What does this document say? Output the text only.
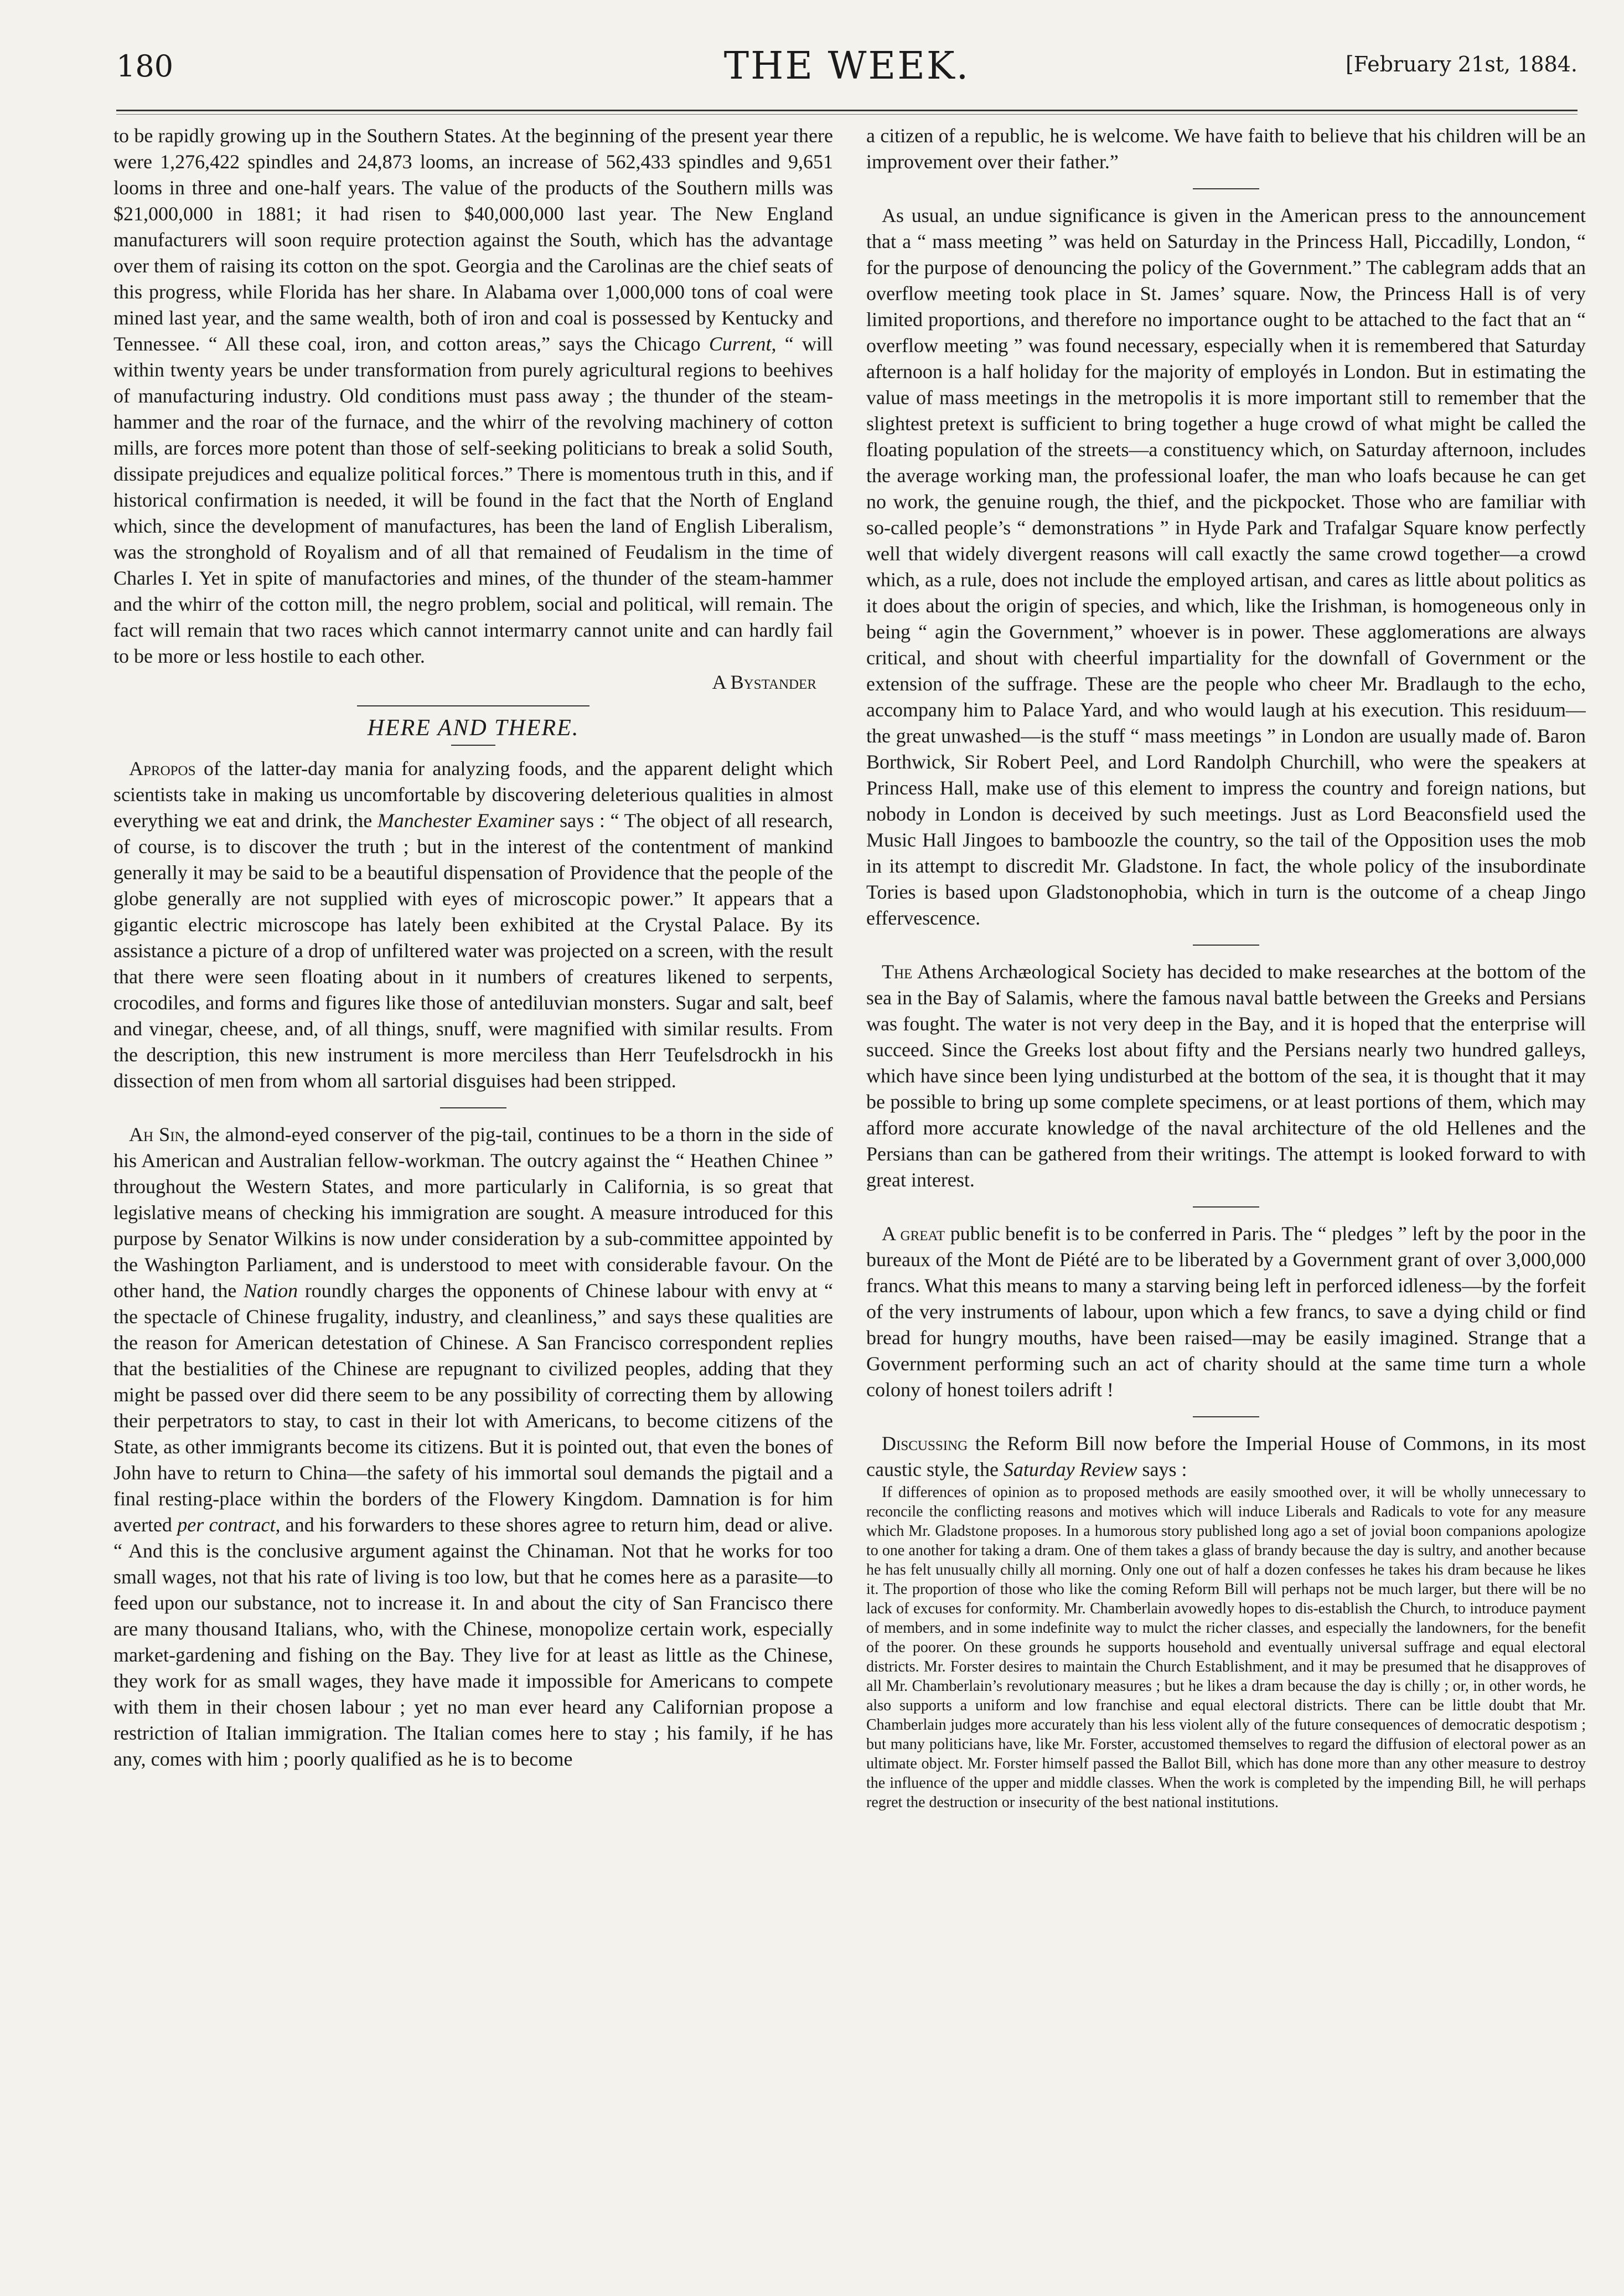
180	THE WEEK.	[February 21st, 1884.

to be rapidly growing up in the Southern States. At the beginning of the present year there were 1,276,422 spindles and 24,873 looms, an increase of 562,433 spindles and 9,651 looms in three and one-half years. The value of the products of the Southern mills was $21,000,000 in 1881; it had risen to $40,000,000 last year. The New England manufacturers will soon require protection against the South, which has the advantage over them of raising its cotton on the spot. Georgia and the Carolinas are the chief seats of this progress, while Florida has her share. In Alabama over 1,000,000 tons of coal were mined last year, and the same wealth, both of iron and coal is possessed by Kentucky and Tennessee. “ All these coal, iron, and cotton areas,” says the Chicago Current, “ will within twenty years be under transformation from purely agricultural regions to beehives of manufacturing industry. Old conditions must pass away ; the thunder of the steam-hammer and the roar of the furnace, and the whirr of the revolving machinery of cotton mills, are forces more potent than those of self-seeking politicians to break a solid South, dissipate prejudices and equalize political forces.” There is momentous truth in this, and if historical confirmation is needed, it will be found in the fact that the North of England which, since the development of manufactures, has been the land of English Liberalism, was the stronghold of Royalism and of all that remained of Feudalism in the time of Charles I. Yet in spite of manufactories and mines, of the thunder of the steam-hammer and the whirr of the cotton mill, the negro problem, social and political, will remain. The fact will remain that two races which cannot intermarry cannot unite and can hardly fail to be more or less hostile to each other.

A Bystander

HERE AND THERE.

Apropos of the latter-day mania for analyzing foods, and the apparent delight which scientists take in making us uncomfortable by discovering deleterious qualities in almost everything we eat and drink, the Manchester Examiner says : “ The object of all research, of course, is to discover the truth ; but in the interest of the contentment of mankind generally it may be said to be a beautiful dispensation of Providence that the people of the globe generally are not supplied with eyes of microscopic power.” It appears that a gigantic electric microscope has lately been exhibited at the Crystal Palace. By its assistance a picture of a drop of unfiltered water was projected on a screen, with the result that there were seen floating about in it numbers of creatures likened to serpents, crocodiles, and forms and figures like those of antediluvian monsters. Sugar and salt, beef and vinegar, cheese, and, of all things, snuff, were magnified with similar results. From the description, this new instrument is more merciless than Herr Teufelsdrockh in his dissection of men from whom all sartorial disguises had been stripped.

Ah Sin, the almond-eyed conserver of the pig-tail, continues to be a thorn in the side of his American and Australian fellow-workman. The outcry against the “ Heathen Chinee ” throughout the Western States, and more particularly in California, is so great that legislative means of checking his immigration are sought. A measure introduced for this purpose by Senator Wilkins is now under consideration by a sub-committee appointed by the Washington Parliament, and is understood to meet with considerable favour. On the other hand, the Nation roundly charges the opponents of Chinese labour with envy at “ the spectacle of Chinese frugality, industry, and cleanliness,” and says these qualities are the reason for American detestation of Chinese. A San Francisco correspondent replies that the bestialities of the Chinese are repugnant to civilized peoples, adding that they might be passed over did there seem to be any possibility of correcting them by allowing their perpetrators to stay, to cast in their lot with Americans, to become citizens of the State, as other immigrants become its citizens. But it is pointed out, that even the bones of John have to return to China—the safety of his immortal soul demands the pigtail and a final resting-place within the borders of the Flowery Kingdom. Damnation is for him averted per contract, and his forwarders to these shores agree to return him, dead or alive. “ And this is the conclusive argument against the Chinaman. Not that he works for too small wages, not that his rate of living is too low, but that he comes here as a parasite—to feed upon our substance, not to increase it. In and about the city of San Francisco there are many thousand Italians, who, with the Chinese, monopolize certain work, especially market-gardening and fishing on the Bay. They live for at least as little as the Chinese, they work for as small wages, they have made it impossible for Americans to compete with them in their chosen labour ; yet no man ever heard any Californian propose a restriction of Italian immigration. The Italian comes here to stay ; his family, if he has any, comes with him ; poorly qualified as he is to become

a citizen of a republic, he is welcome. We have faith to believe that his children will be an improvement over their father.”

As usual, an undue significance is given in the American press to the announcement that a “ mass meeting ” was held on Saturday in the Princess Hall, Piccadilly, London, “ for the purpose of denouncing the policy of the Government.” The cablegram adds that an overflow meeting took place in St. James’ square. Now, the Princess Hall is of very limited proportions, and therefore no importance ought to be attached to the fact that an “ overflow meeting ” was found necessary, especially when it is remembered that Saturday afternoon is a half holiday for the majority of employés in London. But in estimating the value of mass meetings in the metropolis it is more important still to remember that the slightest pretext is sufficient to bring together a huge crowd of what might be called the floating population of the streets—a constituency which, on Saturday afternoon, includes the average working man, the professional loafer, the man who loafs because he can get no work, the genuine rough, the thief, and the pickpocket. Those who are familiar with so-called people’s “ demonstrations ” in Hyde Park and Trafalgar Square know perfectly well that widely divergent reasons will call exactly the same crowd together—a crowd which, as a rule, does not include the employed artisan, and cares as little about politics as it does about the origin of species, and which, like the Irishman, is homogeneous only in being “ agin the Government,” whoever is in power. These agglomerations are always critical, and shout with cheerful impartiality for the downfall of Government or the extension of the suffrage. These are the people who cheer Mr. Bradlaugh to the echo, accompany him to Palace Yard, and who would laugh at his execution. This residuum—the great unwashed—is the stuff “ mass meetings ” in London are usually made of. Baron Borthwick, Sir Robert Peel, and Lord Randolph Churchill, who were the speakers at Princess Hall, make use of this element to impress the country and foreign nations, but nobody in London is deceived by such meetings. Just as Lord Beaconsfield used the Music Hall Jingoes to bamboozle the country, so the tail of the Opposition uses the mob in its attempt to discredit Mr. Gladstone. In fact, the whole policy of the insubordinate Tories is based upon Gladstonophobia, which in turn is the outcome of a cheap Jingo effervescence.

The Athens Archæological Society has decided to make researches at the bottom of the sea in the Bay of Salamis, where the famous naval battle between the Greeks and Persians was fought. The water is not very deep in the Bay, and it is hoped that the enterprise will succeed. Since the Greeks lost about fifty and the Persians nearly two hundred galleys, which have since been lying undisturbed at the bottom of the sea, it is thought that it may be possible to bring up some complete specimens, or at least portions of them, which may afford more accurate knowledge of the naval architecture of the old Hellenes and the Persians than can be gathered from their writings. The attempt is looked forward to with great interest.

A great public benefit is to be conferred in Paris. The “ pledges ” left by the poor in the bureaux of the Mont de Piété are to be liberated by a Government grant of over 3,000,000 francs. What this means to many a starving being left in perforced idleness—by the forfeit of the very instruments of labour, upon which a few francs, to save a dying child or find bread for hungry mouths, have been raised—may be easily imagined. Strange that a Government performing such an act of charity should at the same time turn a whole colony of honest toilers adrift !

Discussing the Reform Bill now before the Imperial House of Commons, in its most caustic style, the Saturday Review says :

If differences of opinion as to proposed methods are easily smoothed over, it will be wholly unnecessary to reconcile the conflicting reasons and motives which will induce Liberals and Radicals to vote for any measure which Mr. Gladstone proposes. In a humorous story published long ago a set of jovial boon companions apologize to one another for taking a dram. One of them takes a glass of brandy because the day is sultry, and another because he has felt unusually chilly all morning. Only one out of half a dozen confesses he takes his dram because he likes it. The proportion of those who like the coming Reform Bill will perhaps not be much larger, but there will be no lack of excuses for conformity. Mr. Chamberlain avowedly hopes to dis-establish the Church, to introduce payment of members, and in some indefinite way to mulct the richer classes, and especially the landowners, for the benefit of the poorer. On these grounds he supports household and eventually universal suffrage and equal electoral districts. Mr. Forster desires to maintain the Church Establishment, and it may be presumed that he disapproves of all Mr. Chamberlain’s revolutionary measures ; but he likes a dram because the day is chilly ; or, in other words, he also supports a uniform and low franchise and equal electoral districts. There can be little doubt that Mr. Chamberlain judges more accurately than his less violent ally of the future consequences of democratic despotism ; but many politicians have, like Mr. Forster, accustomed themselves to regard the diffusion of electoral power as an ultimate object. Mr. Forster himself passed the Ballot Bill, which has done more than any other measure to destroy the influence of the upper and middle classes. When the work is completed by the impending Bill, he will perhaps regret the destruction or insecurity of the best national institutions.
